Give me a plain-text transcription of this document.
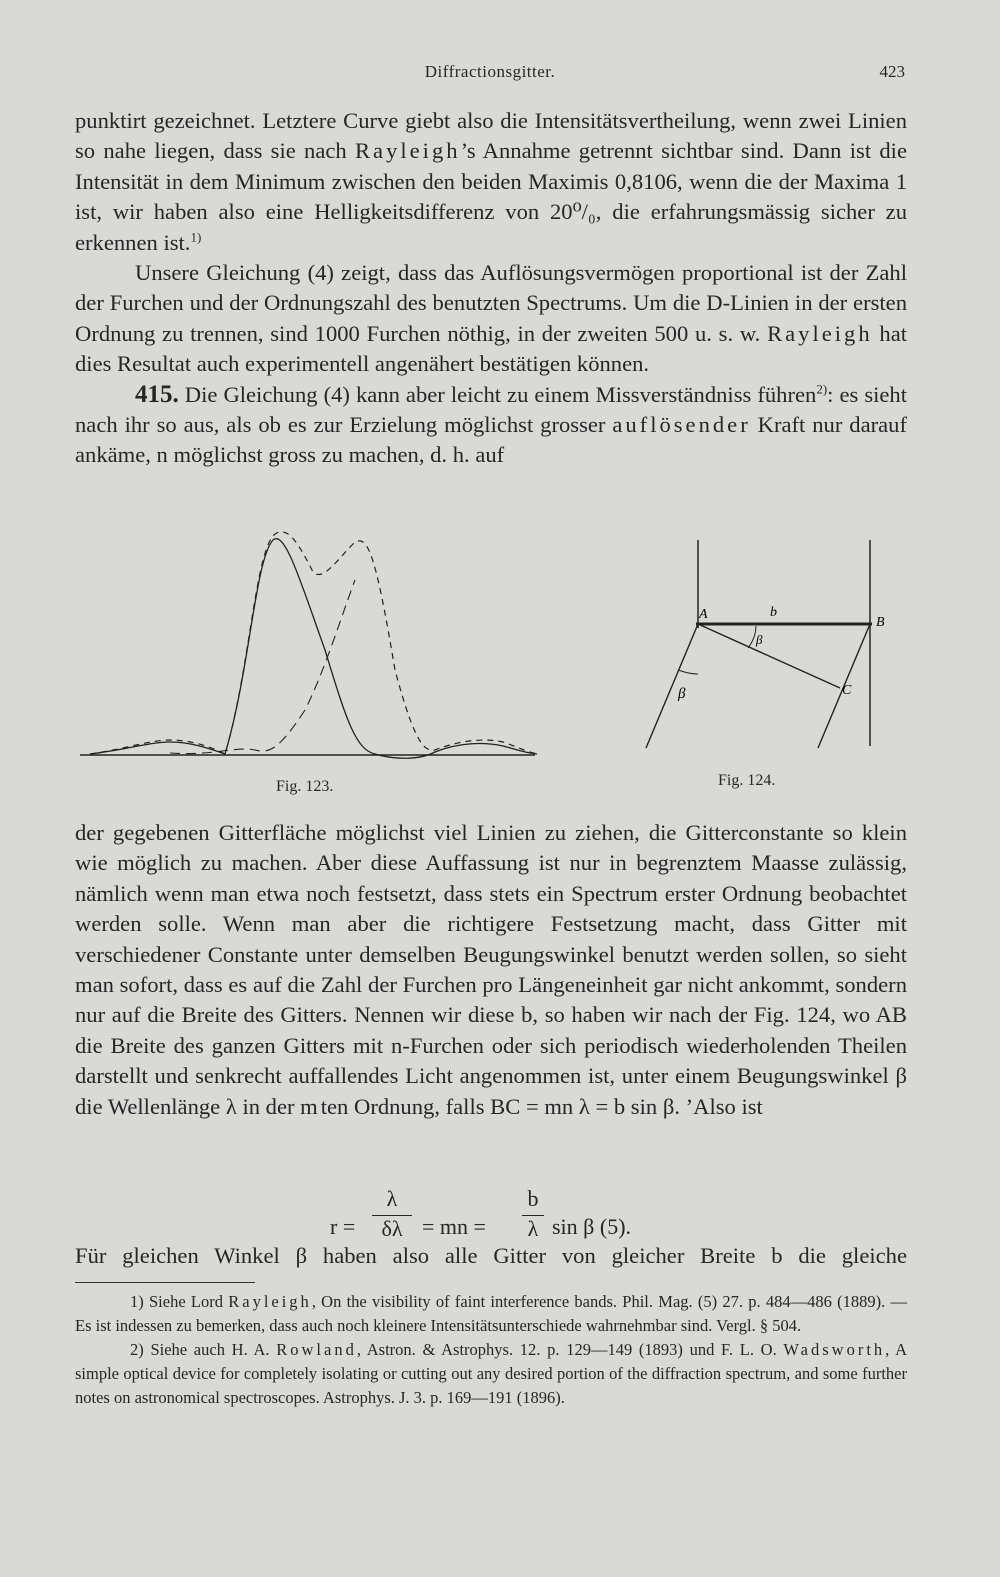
Diffractionsgitter.	423

punktirt gezeichnet. Letztere Curve giebt also die Intensitätsvertheilung, wenn zwei Linien so nahe liegen, dass sie nach Rayleigh’s Annahme getrennt sichtbar sind. Dann ist die Intensität in dem Minimum zwischen den beiden Maximis 0,8106, wenn die der Maxima 1 ist, wir haben also eine Helligkeitsdifferenz von 20⁰/₀, die erfahrungsmässig sicher zu erkennen ist.$^{1)}$

Unsere Gleichung (4) zeigt, dass das Auflösungsvermögen proportional ist der Zahl der Furchen und der Ordnungszahl des benutzten Spectrums. Um die D-Linien in der ersten Ordnung zu trennen, sind 1000 Furchen nöthig, in der zweiten 500 u. s. w. Rayleigh hat dies Resultat auch experimentell angenähert bestätigen können.

415. Die Gleichung (4) kann aber leicht zu einem Missverständniss führen$^{2)}$: es sieht nach ihr so aus, als ob es zur Erzielung möglichst grosser auflösender Kraft nur darauf ankäme, n möglichst gross zu machen, d. h. auf

Fig. 123.
A	b
B
β
β	C
Fig. 124.

der gegebenen Gitterfläche möglichst viel Linien zu ziehen, die Gitterconstante so klein wie möglich zu machen. Aber diese Auffassung ist nur in begrenztem Maasse zulässig, nämlich wenn man etwa noch festsetzt, dass stets ein Spectrum erster Ordnung beobachtet werden solle. Wenn man aber die richtigere Festsetzung macht, dass Gitter mit verschiedener Constante unter demselben Beugungswinkel benutzt werden sollen, so sieht man sofort, dass es auf die Zahl der Furchen pro Längeneinheit gar nicht ankommt, sondern nur auf die Breite des Gitters. Nennen wir diese b, so haben wir nach der Fig. 124, wo AB die Breite des ganzen Gitters mit n-Furchen oder sich periodisch wiederholenden Theilen darstellt und senkrecht auffallendes Licht angenommen ist, unter einem Beugungswinkel β die Wellenlänge λ in der mten Ordnung, falls BC = mn λ = b sin β. ’Also ist

r =
λ
δλ = mn =
b
λ sin β (5).
Für gleichen Winkel β haben also alle Gitter von gleicher Breite b die gleiche

1) Siehe Lord Rayleigh, On the visibility of faint interference bands. Phil. Mag. (5) 27. p. 484—486 (1889). — Es ist indessen zu bemerken, dass auch noch kleinere Intensitätsunterschiede wahrnehmbar sind. Vergl. § 504.

2) Siehe auch H. A. Rowland, Astron. & Astrophys. 12. p. 129—149 (1893) und F. L. O. Wadsworth, A simple optical device for completely isolating or cutting out any desired portion of the diffraction spectrum, and some further notes on astronomical spectroscopes. Astrophys. J. 3. p. 169—191 (1896).
